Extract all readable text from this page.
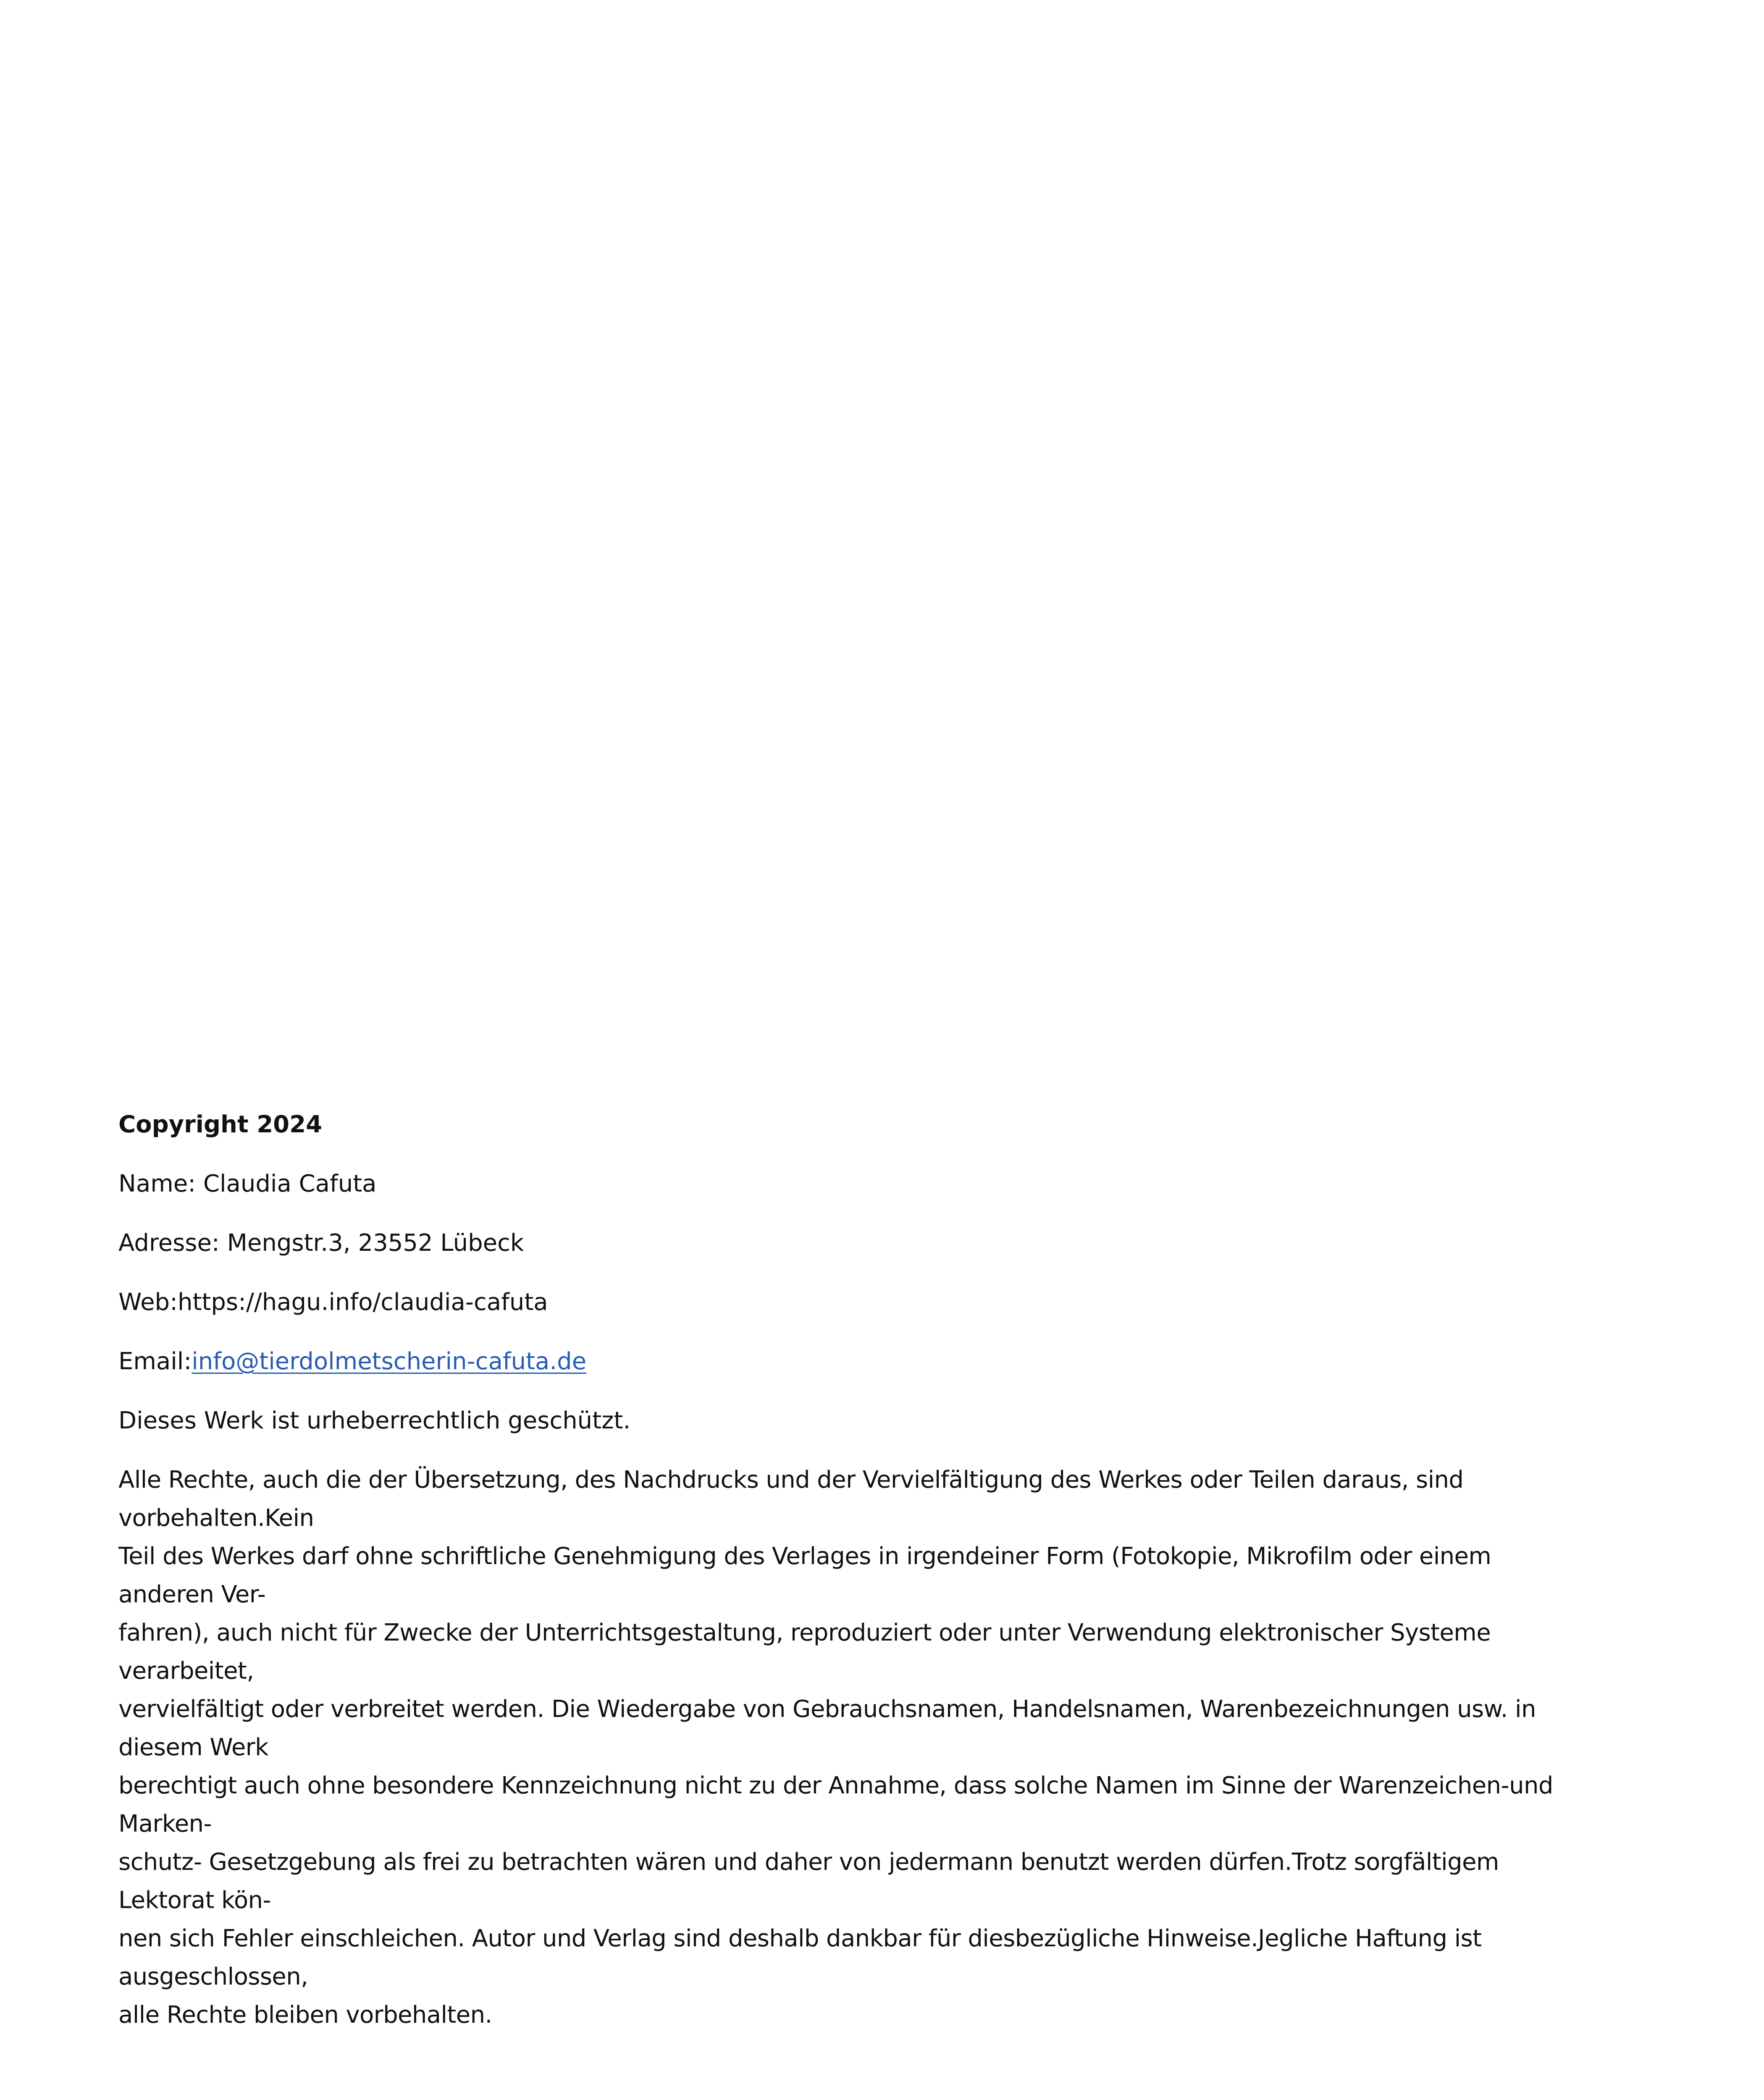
Copyright 2024
Name: Claudia Cafuta
Adresse: Mengstr.3, 23552 Lübeck
Web:https://hagu.info/claudia-cafuta
Email:info@tierdolmetscherin-cafuta.de
Dieses Werk ist urheberrechtlich geschützt.
Alle Rechte, auch die der Übersetzung, des Nachdrucks und der Vervielfältigung des Werkes oder Teilen daraus, sind vorbehalten.Kein
Teil des Werkes darf ohne schriftliche Genehmigung des Verlages in irgendeiner Form (Fotokopie, Mikrofilm oder einem anderen Ver-
fahren), auch nicht für Zwecke der Unterrichtsgestaltung, reproduziert oder unter Verwendung elektronischer Systeme verarbeitet,
vervielfältigt oder verbreitet werden. Die Wiedergabe von Gebrauchsnamen, Handelsnamen, Warenbezeichnungen usw. in diesem Werk
berechtigt auch ohne besondere Kennzeichnung nicht zu der Annahme, dass solche Namen im Sinne der Warenzeichen-und Marken-
schutz- Gesetzgebung als frei zu betrachten wären und daher von jedermann benutzt werden dürfen.Trotz sorgfältigem Lektorat kön-
nen sich Fehler einschleichen. Autor und Verlag sind deshalb dankbar für diesbezügliche Hinweise.Jegliche Haftung ist ausgeschlossen,
alle Rechte bleiben vorbehalten.
